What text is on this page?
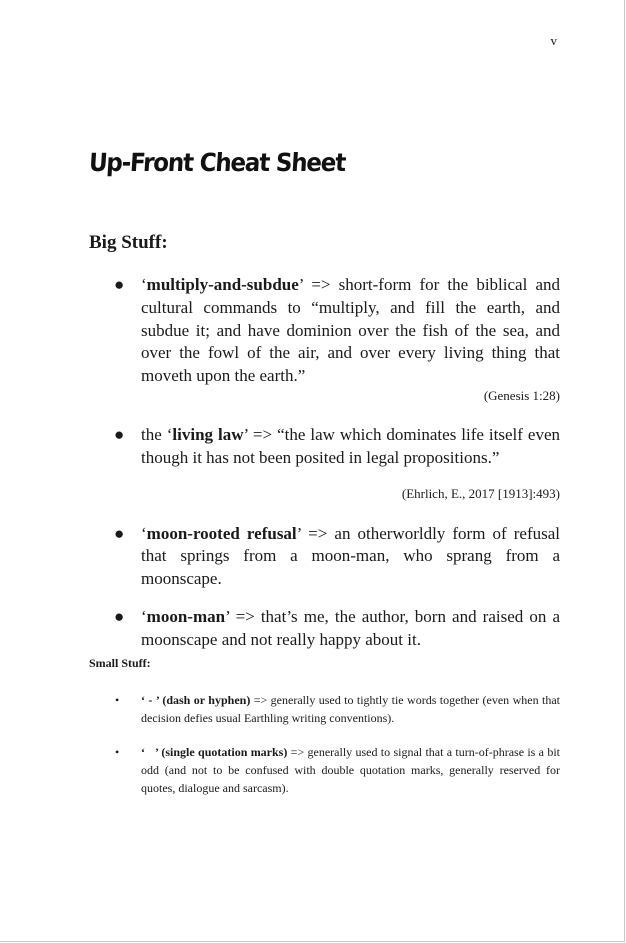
v
Up-Front Cheat Sheet
Big Stuff:
● ‘multiply-and-subdue’ => short-form for the biblical and cultural commands to “multiply, and fill the earth, and subdue it; and have dominion over the fish of the sea, and over the fowl of the air, and over every living thing that moveth upon the earth.”
(Genesis 1:28)
● the ‘living law’ => “the law which dominates life itself even though it has not been posited in legal propositions.”
(Ehrlich, E., 2017 [1913]:493)
● ‘moon-rooted refusal’ => an otherworldly form of refusal that springs from a moon-man, who sprang from a moonscape.
● ‘moon-man’ => that’s me, the author, born and raised on a moonscape and not really happy about it.
Small Stuff:
• ‘ - ’ (dash or hyphen) => generally used to tightly tie words together (even when that decision defies usual Earthling writing conventions).
• ‘   ’ (single quotation marks) => generally used to signal that a turn-of-phrase is a bit odd (and not to be confused with double quotation marks, generally reserved for quotes, dialogue and sarcasm).
